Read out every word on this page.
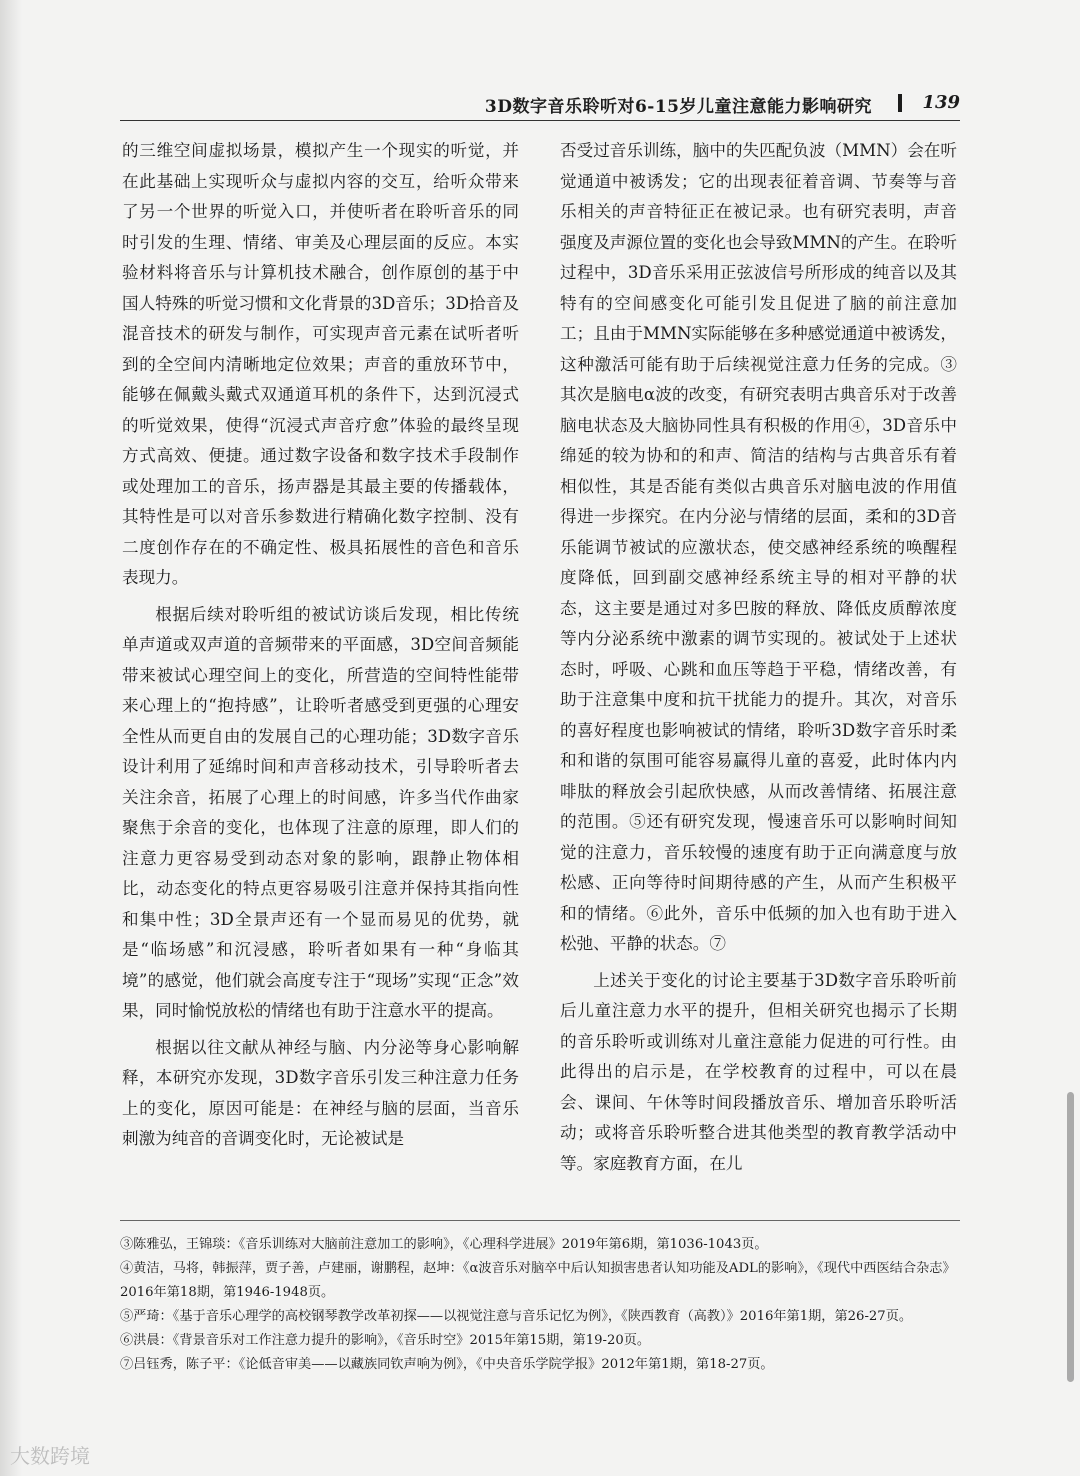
3D数字音乐聆听对6-15岁儿童注意能力影响研究	139

的三维空间虚拟场景，模拟产生一个现实的听觉，并在此基础上实现听众与虚拟内容的交互，给听众带来了另一个世界的听觉入口，并使听者在聆听音乐的同时引发的生理、情绪、审美及心理层面的反应。本实验材料将音乐与计算机技术融合，创作原创的基于中国人特殊的听觉习惯和文化背景的3D音乐；3D拾音及混音技术的研发与制作，可实现声音元素在试听者听到的全空间内清晰地定位效果；声音的重放环节中，能够在佩戴头戴式双通道耳机的条件下，达到沉浸式的听觉效果，使得“沉浸式声音疗愈”体验的最终呈现方式高效、便捷。通过数字设备和数字技术手段制作或处理加工的音乐，扬声器是其最主要的传播载体，其特性是可以对音乐参数进行精确化数字控制、没有二度创作存在的不确定性、极具拓展性的音色和音乐表现力。

根据后续对聆听组的被试访谈后发现，相比传统单声道或双声道的音频带来的平面感，3D空间音频能带来被试心理空间上的变化，所营造的空间特性能带来心理上的“抱持感”，让聆听者感受到更强的心理安全性从而更自由的发展自己的心理功能；3D数字音乐设计利用了延绵时间和声音移动技术，引导聆听者去关注余音，拓展了心理上的时间感，许多当代作曲家聚焦于余音的变化，也体现了注意的原理，即人们的注意力更容易受到动态对象的影响，跟静止物体相比，动态变化的特点更容易吸引注意并保持其指向性和集中性；3D全景声还有一个显而易见的优势，就是“临场感”和沉浸感，聆听者如果有一种“身临其境”的感觉，他们就会高度专注于“现场”实现“正念”效果，同时愉悦放松的情绪也有助于注意水平的提高。

根据以往文献从神经与脑、内分泌等身心影响解释，本研究亦发现，3D数字音乐引发三种注意力任务上的变化，原因可能是：在神经与脑的层面，当音乐刺激为纯音的音调变化时，无论被试是

否受过音乐训练，脑中的失匹配负波（MMN）会在听觉通道中被诱发；它的出现表征着音调、节奏等与音乐相关的声音特征正在被记录。也有研究表明，声音强度及声源位置的变化也会导致MMN的产生。在聆听过程中，3D音乐采用正弦波信号所形成的纯音以及其特有的空间感变化可能引发且促进了脑的前注意加工；且由于MMN实际能够在多种感觉通道中被诱发，这种激活可能有助于后续视觉注意力任务的完成。③其次是脑电α波的改变，有研究表明古典音乐对于改善脑电状态及大脑协同性具有积极的作用④，3D音乐中绵延的较为协和的和声、简洁的结构与古典音乐有着相似性，其是否能有类似古典音乐对脑电波的作用值得进一步探究。在内分泌与情绪的层面，柔和的3D音乐能调节被试的应激状态，使交感神经系统的唤醒程度降低，回到副交感神经系统主导的相对平静的状态，这主要是通过对多巴胺的释放、降低皮质醇浓度等内分泌系统中激素的调节实现的。被试处于上述状态时，呼吸、心跳和血压等趋于平稳，情绪改善，有助于注意集中度和抗干扰能力的提升。其次，对音乐的喜好程度也影响被试的情绪，聆听3D数字音乐时柔和和谐的氛围可能容易赢得儿童的喜爱，此时体内内啡肽的释放会引起欣快感，从而改善情绪、拓展注意的范围。⑤还有研究发现，慢速音乐可以影响时间知觉的注意力，音乐较慢的速度有助于正向满意度与放松感、正向等待时间期待感的产生，从而产生积极平和的情绪。⑥此外，音乐中低频的加入也有助于进入松弛、平静的状态。⑦

上述关于变化的讨论主要基于3D数字音乐聆听前后儿童注意力水平的提升，但相关研究也揭示了长期的音乐聆听或训练对儿童注意能力促进的可行性。由此得出的启示是，在学校教育的过程中，可以在晨会、课间、午休等时间段播放音乐、增加音乐聆听活动；或将音乐聆听整合进其他类型的教育教学活动中等。家庭教育方面，在儿

③陈雅弘，王锦琰：《音乐训练对大脑前注意加工的影响》，《心理科学进展》2019年第6期，第1036-1043页。

④黄洁，马将，韩振萍，贾子善，卢建丽，谢鹏程，赵坤：《α波音乐对脑卒中后认知损害患者认知功能及ADL的影响》，《现代中西医结合杂志》2016年第18期，第1946-1948页。

⑤严琦：《基于音乐心理学的高校钢琴教学改革初探——以视觉注意与音乐记忆为例》，《陕西教育（高教）》2016年第1期，第26-27页。

⑥洪晨：《背景音乐对工作注意力提升的影响》，《音乐时空》2015年第15期，第19-20页。

⑦吕钰秀，陈子平：《论低音审美——以藏族同钦声响为例》，《中央音乐学院学报》2012年第1期，第18-27页。

大数跨境
